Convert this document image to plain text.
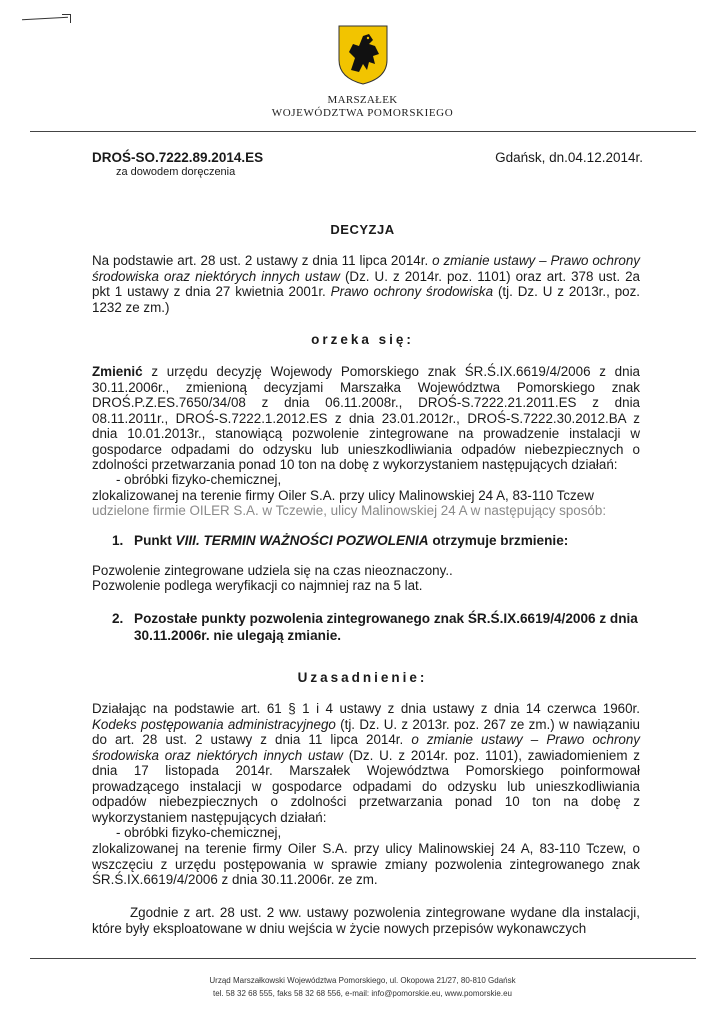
MARSZAŁEK
WOJEWÓDZTWA POMORSKIEGO
DROŚ-SO.7222.89.2014.ES
za dowodem doręczenia
Gdańsk, dn.04.12.2014r.
DECYZJA

Na podstawie art. 28 ust. 2 ustawy z dnia 11 lipca 2014r. o zmianie ustawy – Prawo ochrony środowiska oraz niektórych innych ustaw (Dz. U. z 2014r. poz. 1101) oraz art. 378 ust. 2a pkt 1 ustawy z dnia 27 kwietnia 2001r. Prawo ochrony środowiska (tj. Dz. U z 2013r., poz. 1232 ze zm.)

orzeka się:

Zmienić z urzędu decyzję Wojewody Pomorskiego znak ŚR.Ś.IX.6619/4/2006 z dnia 30.11.2006r., zmienioną decyzjami Marszałka Województwa Pomorskiego znak DROŚ.P.Z.ES.7650/34/08 z dnia 06.11.2008r., DROŚ-S.7222.21.2011.ES z dnia 08.11.2011r., DROŚ-S.7222.1.2012.ES z dnia 23.01.2012r., DROŚ-S.7222.30.2012.BA z dnia 10.01.2013r., stanowiącą pozwolenie zintegrowane na prowadzenie instalacji w gospodarce odpadami do odzysku lub unieszkodliwiania odpadów niebezpiecznych o zdolności przetwarzania ponad 10 ton na dobę z wykorzystaniem następujących działań:

- obróbki fizyko-chemicznej,
zlokalizowanej na terenie firmy Oiler S.A. przy ulicy Malinowskiej 24 A, 83-110 Tczew
udzielone firmie OILER S.A. w Tczewie, ulicy Malinowskiej 24 A w następujący sposób:
1. Punkt VIII. TERMIN WAŻNOŚCI POZWOLENIA otrzymuje brzmienie:
Pozwolenie zintegrowane udziela się na czas nieoznaczony..
Pozwolenie podlega weryfikacji co najmniej raz na 5 lat.
2. Pozostałe punkty pozwolenia zintegrowanego znak ŚR.Ś.IX.6619/4/2006 z dnia 30.11.2006r. nie ulegają zmianie.
Uzasadnienie:

Działając na podstawie art. 61 § 1 i 4 ustawy z dnia ustawy z dnia 14 czerwca 1960r. Kodeks postępowania administracyjnego (tj. Dz. U. z 2013r. poz. 267 ze zm.) w nawiązaniu do art. 28 ust. 2 ustawy z dnia 11 lipca 2014r. o zmianie ustawy – Prawo ochrony środowiska oraz niektórych innych ustaw (Dz. U. z 2014r. poz. 1101), zawiadomieniem z dnia 17 listopada 2014r. Marszałek Województwa Pomorskiego poinformował prowadzącego instalacji w gospodarce odpadami do odzysku lub unieszkodliwiania odpadów niebezpiecznych o zdolności przetwarzania ponad 10 ton na dobę z wykorzystaniem następujących działań:

- obróbki fizyko-chemicznej,

zlokalizowanej na terenie firmy Oiler S.A. przy ulicy Malinowskiej 24 A, 83-110 Tczew, o wszczęciu z urzędu postępowania w sprawie zmiany pozwolenia zintegrowanego znak ŚR.Ś.IX.6619/4/2006 z dnia 30.11.2006r. ze zm.

Zgodnie z art. 28 ust. 2 ww. ustawy pozwolenia zintegrowane wydane dla instalacji, które były eksploatowane w dniu wejścia w życie nowych przepisów wykonawczych

Urząd Marszałkowski Województwa Pomorskiego, ul. Okopowa 21/27, 80-810 Gdańsk
tel. 58 32 68 555, faks 58 32 68 556, e-mail: info@pomorskie.eu, www.pomorskie.eu
